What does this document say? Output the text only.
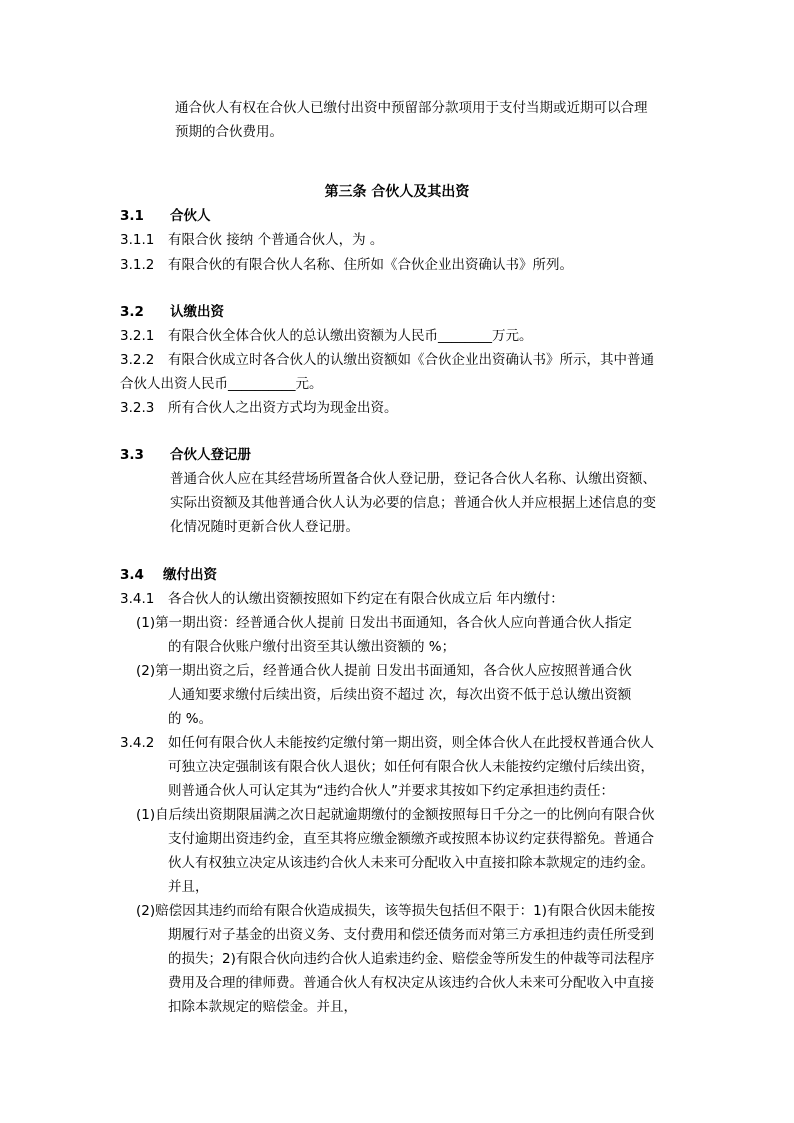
通合伙人有权在合伙人已缴付出资中预留部分款项用于支付当期或近期可以合理
预期的合伙费用。
第三条 合伙人及其出资
3.1 合伙人
3.1.1 有限合伙 接纳 个普通合伙人，为 。
3.1.2 有限合伙的有限合伙人名称、住所如《合伙企业出资确认书》所列。
3.2 认缴出资
3.2.1 有限合伙全体合伙人的总认缴出资额为人民币________万元。
3.2.2 有限合伙成立时各合伙人的认缴出资额如《合伙企业出资确认书》所示，其中普通
合伙人出资人民币__________元。
3.2.3 所有合伙人之出资方式均为现金出资。
3.3 合伙人登记册
普通合伙人应在其经营场所置备合伙人登记册，登记各合伙人名称、认缴出资额、
实际出资额及其他普通合伙人认为必要的信息；普通合伙人并应根据上述信息的变
化情况随时更新合伙人登记册。
3.4 缴付出资
3.4.1 各合伙人的认缴出资额按照如下约定在有限合伙成立后 年内缴付：
(1)第一期出资：经普通合伙人提前 日发出书面通知，各合伙人应向普通合伙人指定
的有限合伙账户缴付出资至其认缴出资额的 %；
(2)第一期出资之后，经普通合伙人提前 日发出书面通知，各合伙人应按照普通合伙
人通知要求缴付后续出资，后续出资不超过 次，每次出资不低于总认缴出资额
的 %。
3.4.2 如任何有限合伙人未能按约定缴付第一期出资，则全体合伙人在此授权普通合伙人
可独立决定强制该有限合伙人退伙；如任何有限合伙人未能按约定缴付后续出资，
则普通合伙人可认定其为“违约合伙人”并要求其按如下约定承担违约责任：
(1)自后续出资期限届满之次日起就逾期缴付的金额按照每日千分之一的比例向有限合伙
支付逾期出资违约金，直至其将应缴金额缴齐或按照本协议约定获得豁免。普通合
伙人有权独立决定从该违约合伙人未来可分配收入中直接扣除本款规定的违约金。
并且，
(2)赔偿因其违约而给有限合伙造成损失，该等损失包括但不限于：1)有限合伙因未能按
期履行对子基金的出资义务、支付费用和偿还债务而对第三方承担违约责任所受到
的损失；2)有限合伙向违约合伙人追索违约金、赔偿金等所发生的仲裁等司法程序
费用及合理的律师费。普通合伙人有权决定从该违约合伙人未来可分配收入中直接
扣除本款规定的赔偿金。并且，
